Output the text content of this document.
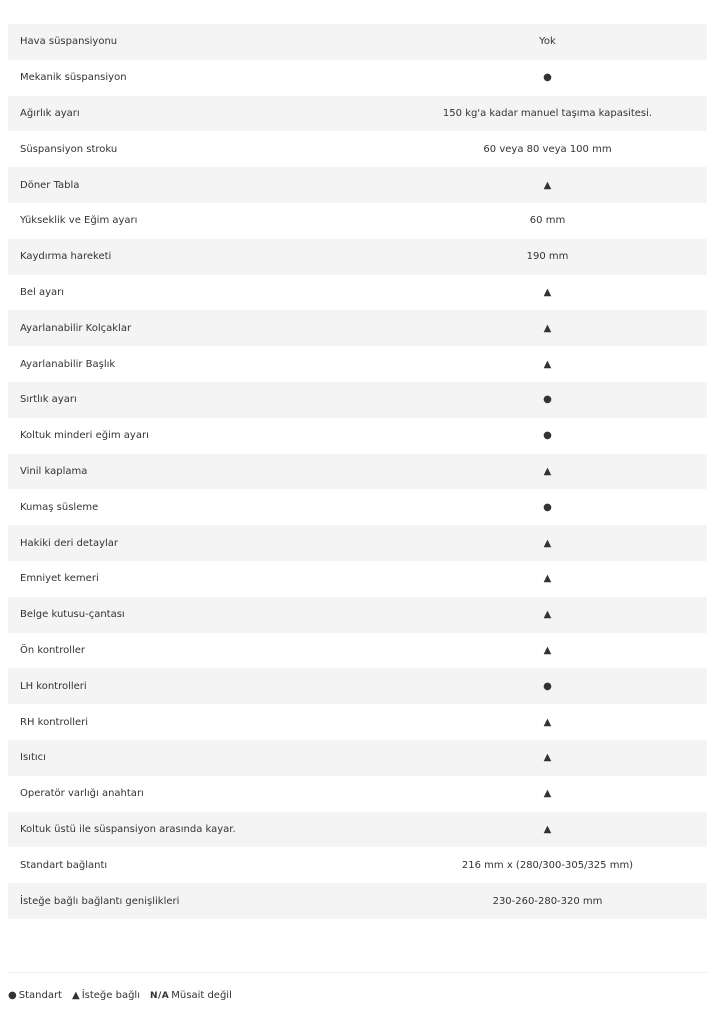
Hava süspansiyonu	Yok
Mekanik süspansiyon	●
Ağırlık ayarı	150 kg'a kadar manuel taşıma kapasitesi.
Süspansiyon stroku	60 veya 80 veya 100 mm
Döner Tabla	▲
Yükseklik ve Eğim ayarı	60 mm
Kaydırma hareketi	190 mm
Bel ayarı	▲
Ayarlanabilir Kolçaklar	▲
Ayarlanabilir Başlık	▲
Sırtlık ayarı	●
Koltuk minderi eğim ayarı	●
Vinil kaplama	▲
Kumaş süsleme	●
Hakiki deri detaylar	▲
Emniyet kemeri	▲
Belge kutusu-çantası	▲
Ön kontroller	▲
LH kontrolleri	●
RH kontrolleri	▲
Isıtıcı	▲
Operatör varlığı anahtarı	▲
Koltuk üstü ile süspansiyon arasında kayar.	▲
Standart bağlantı	216 mm x (280/300-305/325 mm)
İsteğe bağlı bağlantı genişlikleri	230-260-280-320 mm
● Standart ▲ İsteğe bağlı N/A Müsait değil
